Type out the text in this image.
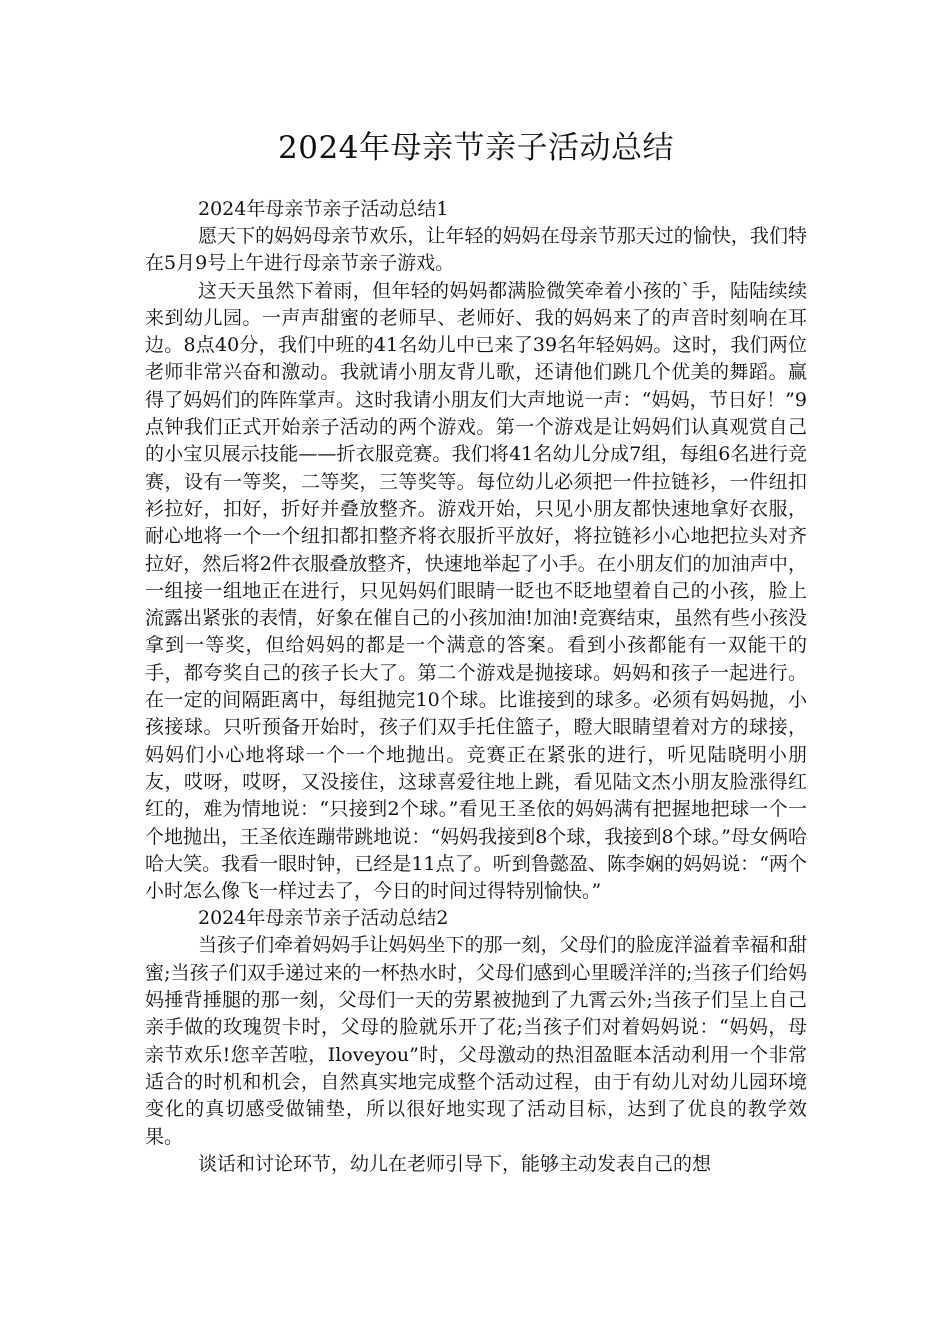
2024年母亲节亲子活动总结

2024年母亲节亲子活动总结1

愿天下的妈妈母亲节欢乐，让年轻的妈妈在母亲节那天过的愉快，我们特在5月9号上午进行母亲节亲子游戏。

这天天虽然下着雨，但年轻的妈妈都满脸微笑牵着小孩的`手，陆陆续续来到幼儿园。一声声甜蜜的老师早、老师好、我的妈妈来了的声音时刻响在耳边。8点40分，我们中班的41名幼儿中已来了39名年轻妈妈。这时，我们两位老师非常兴奋和激动。我就请小朋友背儿歌，还请他们跳几个优美的舞蹈。赢得了妈妈们的阵阵掌声。这时我请小朋友们大声地说一声：“妈妈，节日好！”9点钟我们正式开始亲子活动的两个游戏。第一个游戏是让妈妈们认真观赏自己的小宝贝展示技能——折衣服竞赛。我们将41名幼儿分成7组，每组6名进行竞赛，设有一等奖，二等奖，三等奖等。每位幼儿必须把一件拉链衫，一件纽扣衫拉好，扣好，折好并叠放整齐。游戏开始，只见小朋友都快速地拿好衣服，耐心地将一个一个纽扣都扣整齐将衣服折平放好，将拉链衫小心地把拉头对齐拉好，然后将2件衣服叠放整齐，快速地举起了小手。在小朋友们的加油声中，一组接一组地正在进行，只见妈妈们眼睛一眨也不眨地望着自己的小孩，脸上流露出紧张的表情，好象在催自己的小孩加油!加油!竞赛结束，虽然有些小孩没拿到一等奖，但给妈妈的都是一个满意的答案。看到小孩都能有一双能干的手，都夸奖自己的孩子长大了。第二个游戏是抛接球。妈妈和孩子一起进行。在一定的间隔距离中，每组抛完10个球。比谁接到的球多。必须有妈妈抛，小孩接球。只听预备开始时，孩子们双手托住篮子，瞪大眼睛望着对方的球接，妈妈们小心地将球一个一个地抛出。竞赛正在紧张的进行，听见陆晓明小朋友，哎呀，哎呀，又没接住，这球喜爱往地上跳，看见陆文杰小朋友脸涨得红红的，难为情地说：“只接到2个球。”看见王圣依的妈妈满有把握地把球一个一个地抛出，王圣依连蹦带跳地说：“妈妈我接到8个球，我接到8个球。”母女俩哈哈大笑。我看一眼时钟，已经是11点了。听到鲁懿盈、陈李娴的妈妈说：“两个小时怎么像飞一样过去了，今日的时间过得特别愉快。”

2024年母亲节亲子活动总结2

当孩子们牵着妈妈手让妈妈坐下的那一刻，父母们的脸庞洋溢着幸福和甜蜜;当孩子们双手递过来的一杯热水时，父母们感到心里暖洋洋的;当孩子们给妈妈捶背捶腿的那一刻，父母们一天的劳累被抛到了九霄云外;当孩子们呈上自己亲手做的玫瑰贺卡时，父母的脸就乐开了花;当孩子们对着妈妈说：“妈妈，母亲节欢乐!您辛苦啦，Iloveyou”时，父母激动的热泪盈眶本活动利用一个非常适合的时机和机会，自然真实地完成整个活动过程，由于有幼儿对幼儿园环境变化的真切感受做铺垫，所以很好地实现了活动目标，达到了优良的教学效果。

谈话和讨论环节，幼儿在老师引导下，能够主动发表自己的想
